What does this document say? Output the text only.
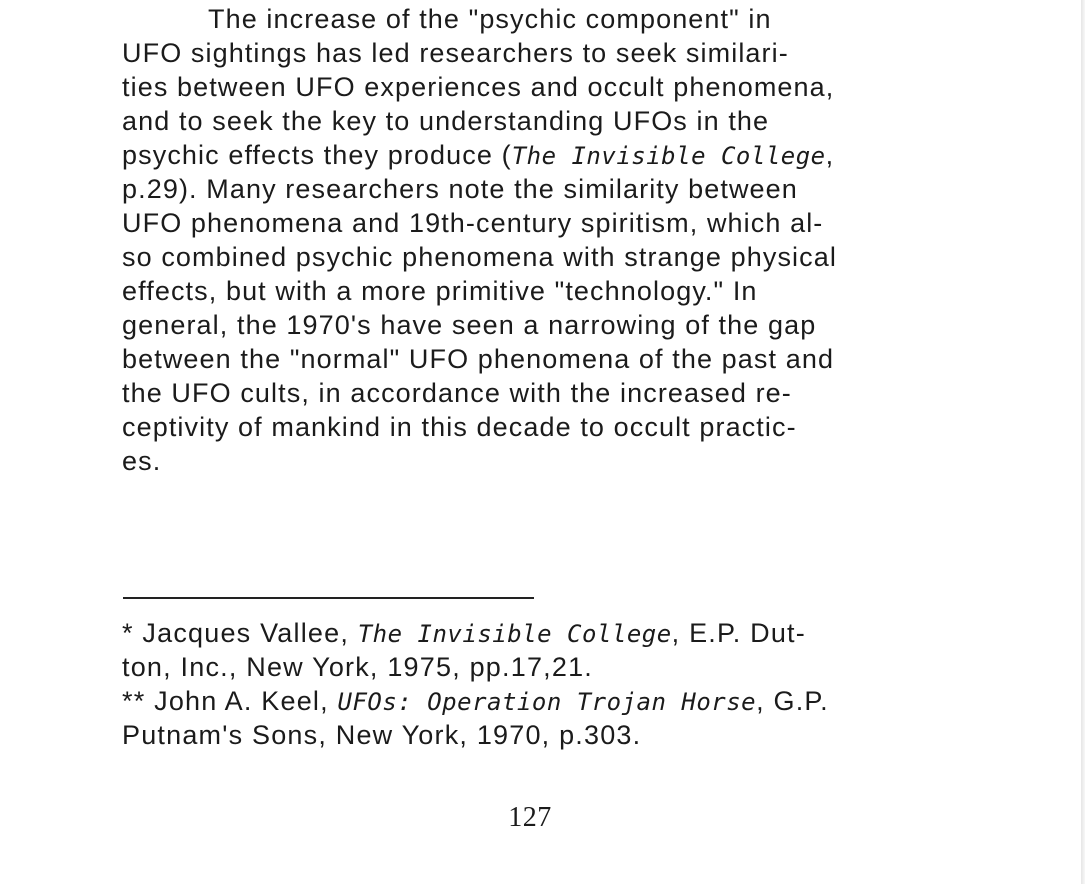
The increase of the "psychic component" in
UFO sightings has led researchers to seek similari-
ties between UFO experiences and occult phenomena,
and to seek the key to understanding UFOs in the
psychic effects they produce (The Invisible College,
p.29). Many researchers note the similarity between
UFO phenomena and 19th-century spiritism, which al-
so combined psychic phenomena with strange physical
effects, but with a more primitive "technology." In
general, the 1970's have seen a narrowing of the gap
between the "normal" UFO phenomena of the past and
the UFO cults, in accordance with the increased re-
ceptivity of mankind in this decade to occult practic-
es.
* Jacques Vallee, The Invisible College, E.P. Dut-
ton, Inc., New York, 1975, pp.17,21.
** John A. Keel, UFOs: Operation Trojan Horse, G.P.
Putnam's Sons, New York, 1970, p.303.
127
